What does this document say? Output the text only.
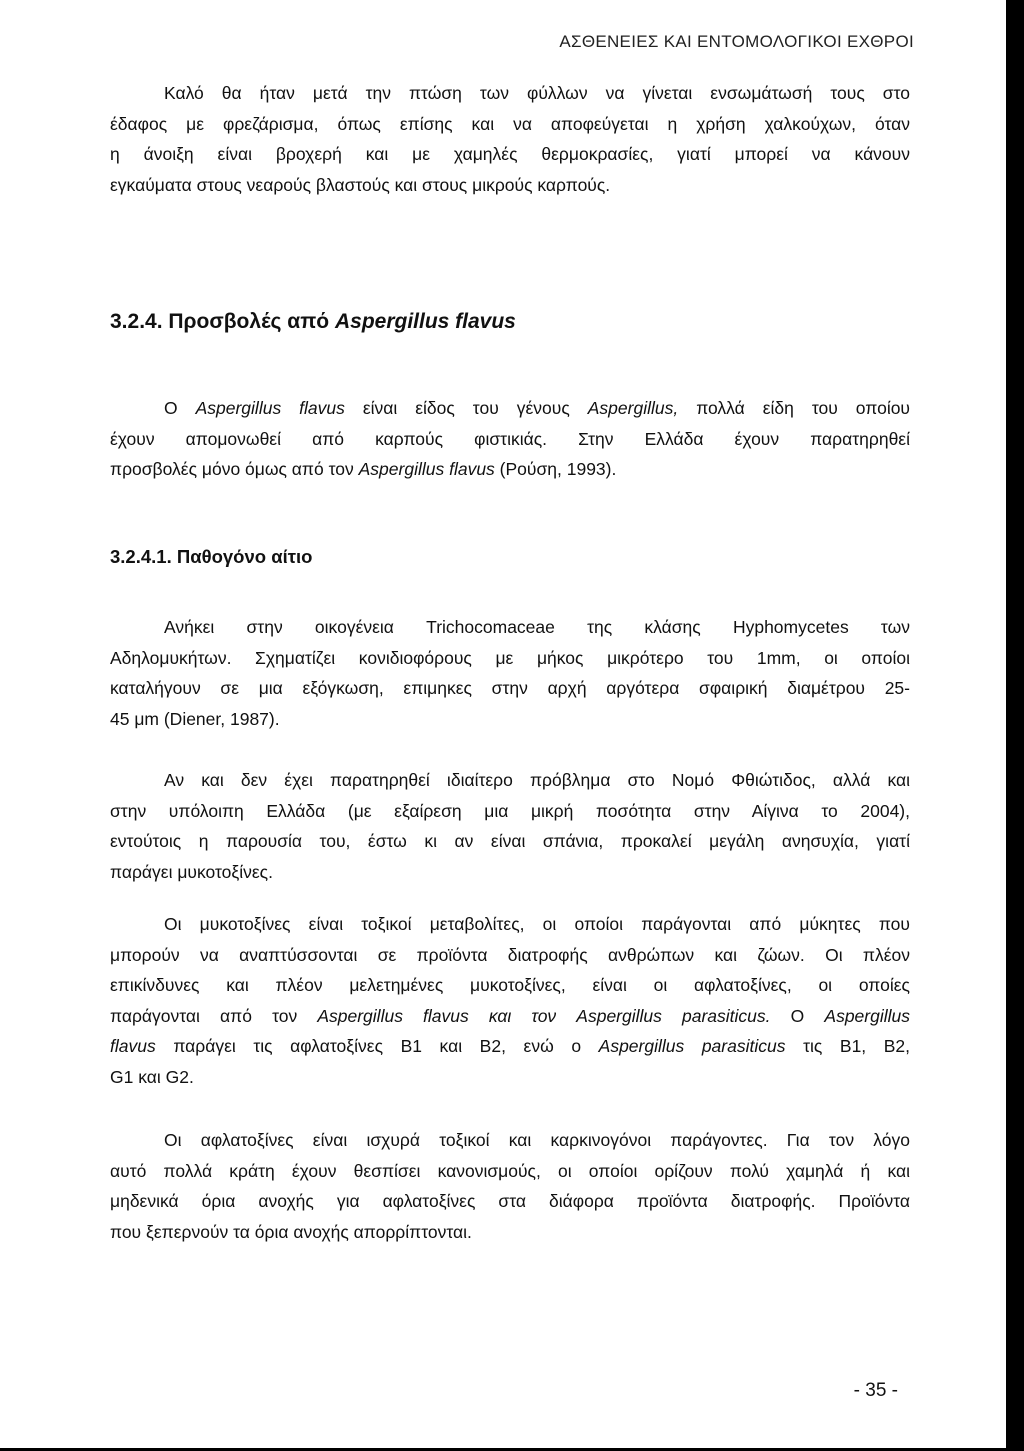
ΑΣΘΕΝΕΙΕΣ ΚΑΙ ΕΝΤΟΜΟΛΟΓΙΚΟΙ ΕΧΘΡΟΙ
Καλό θα ήταν μετά την πτώση των φύλλων να γίνεται ενσωμάτωσή τους στο
έδαφος με φρεζάρισμα, όπως επίσης και να αποφεύγεται η χρήση χαλκούχων, όταν
η άνοιξη είναι βροχερή και με χαμηλές θερμοκρασίες, γιατί μπορεί να κάνουν
εγκαύματα στους νεαρούς βλαστούς και στους μικρούς καρπούς.
3.2.4. Προσβολές από Aspergillus flavus
Ο Aspergillus flavus είναι είδος του γένους Aspergillus, πολλά είδη του οποίου
έχουν απομονωθεί από καρπούς φιστικιάς. Στην Ελλάδα έχουν παρατηρηθεί
προσβολές μόνο όμως από τον Aspergillus flavus (Ρούση, 1993).
3.2.4.1. Παθογόνο αίτιο
Ανήκει στην οικογένεια Trichocomaceae της κλάσης Hyphomycetes των
Αδηλομυκήτων. Σχηματίζει κονιδιοφόρους με μήκος μικρότερο του 1mm, οι οποίοι
καταλήγουν σε μια εξόγκωση, επιμηκες στην αρχή αργότερα σφαιρική διαμέτρου 25-
45 μm (Diener, 1987).
Αν και δεν έχει παρατηρηθεί ιδιαίτερο πρόβλημα στο Νομό Φθιώτιδος, αλλά και
στην υπόλοιπη Ελλάδα (με εξαίρεση μια μικρή ποσότητα στην Αίγινα το 2004),
εντούτοις η παρουσία του, έστω κι αν είναι σπάνια, προκαλεί μεγάλη ανησυχία, γιατί
παράγει μυκοτοξίνες.
Οι μυκοτοξίνες είναι τοξικοί μεταβολίτες, οι οποίοι παράγονται από μύκητες που
μπορούν να αναπτύσσονται σε προϊόντα διατροφής ανθρώπων και ζώων. Οι πλέον
επικίνδυνες και πλέον μελετημένες μυκοτοξίνες, είναι οι αφλατοξίνες, οι οποίες
παράγονται από τον Aspergillus flavus και τον Aspergillus parasiticus. Ο Aspergillus
flavus παράγει τις αφλατοξίνες Β1 και Β2, ενώ ο Aspergillus parasiticus τις Β1, Β2,
G1 και G2.
Οι αφλατοξίνες είναι ισχυρά τοξικοί και καρκινογόνοι παράγοντες. Για τον λόγο
αυτό πολλά κράτη έχουν θεσπίσει κανονισμούς, οι οποίοι ορίζουν πολύ χαμηλά ή και
μηδενικά όρια ανοχής για αφλατοξίνες στα διάφορα προϊόντα διατροφής. Προϊόντα
που ξεπερνούν τα όρια ανοχής απορρίπτονται.
- 35 -
